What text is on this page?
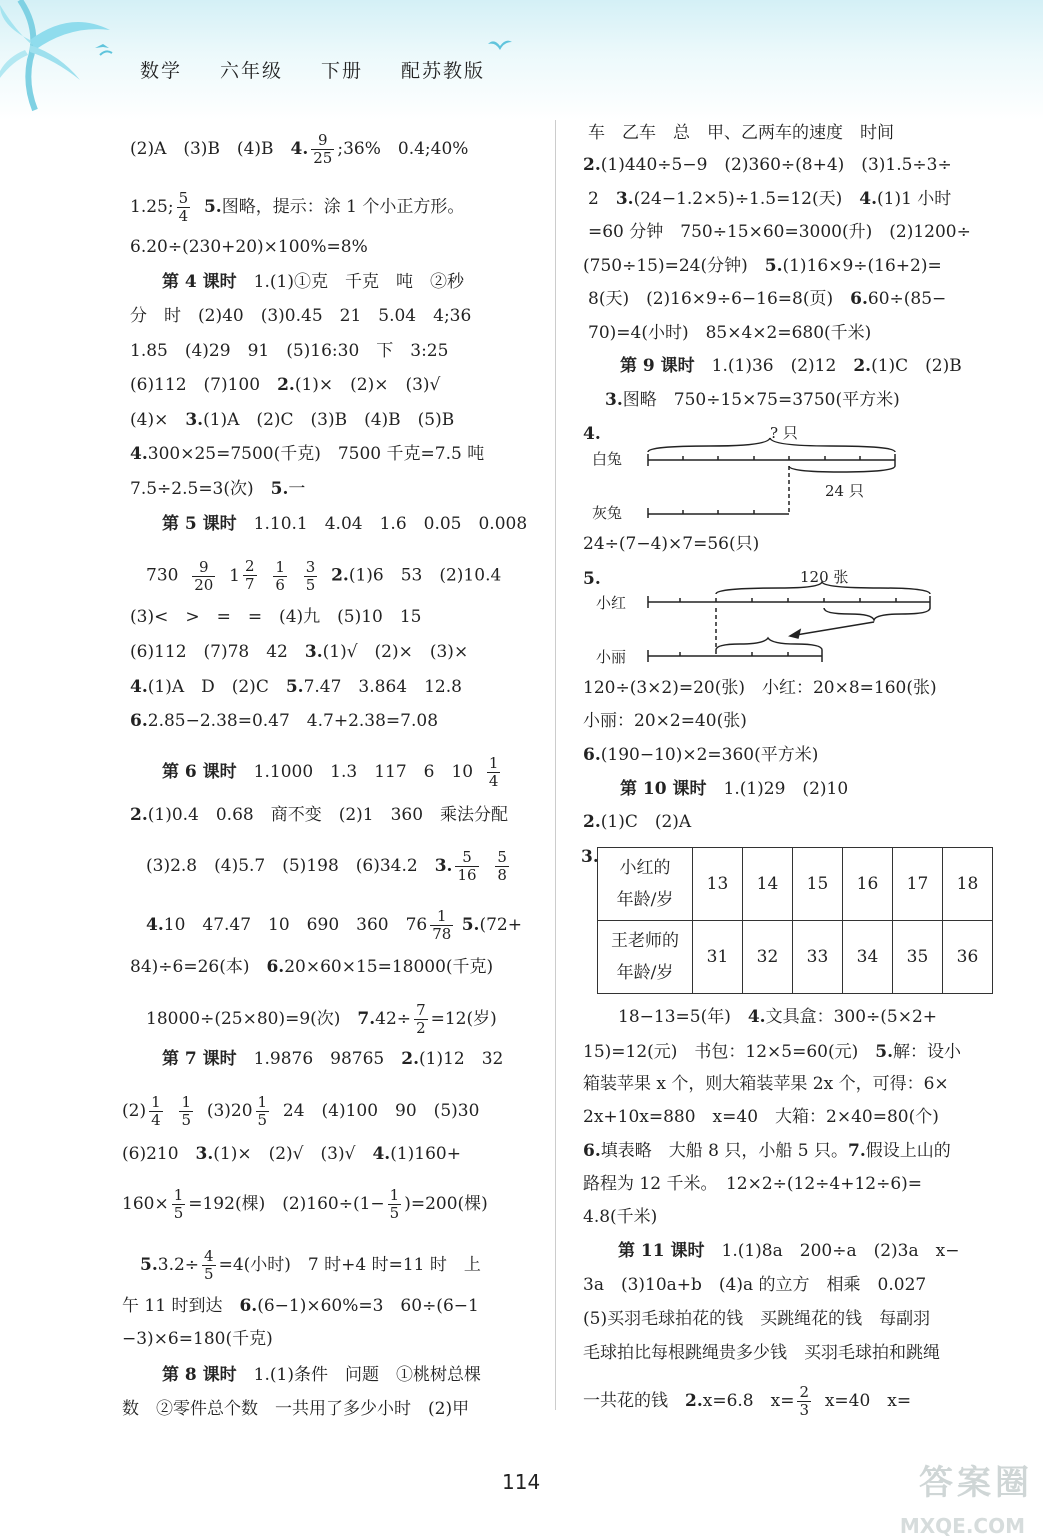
数学 六年级 下册 配苏教版
(2)A　(3)B　(4)B　4. $\frac{9}{25}$ ;36%　0.4;40%
1.25; $\frac{5}{4} 5$.图略，提示：涂 1 个小正方形。
6.20÷(230+20)×100%=8%
第 4 课时　 1.(1)①克　千克　吨　②秒
分　时　(2)40　(3)0.45　21　5.04　4;36
1.85　(4)29　91　(5)16:30　下　3:25
(6)112　(7)100　2.(1)×　(2)×　(3)√
(4)×　3.(1)A　(2)C　(3)B　(4)B　(5)B
4.300×25=7500(千克)　7500 千克=7.5 吨
7.5÷2.5=3(次)　5.一
第 5 课时　 1.10.1　4.04　1.6　0.05　0.008
$730 \frac{9}{20}$
1 2
7
$\frac{1}{6}$
$\frac{3}{5} 2.(1)6$　53　(2)10.4
(3)<　>　=　=　(4)九　(5)10　15
(6)112　(7)78　42　3.(1)√　(2)×　(3)×
4.(1)A　D　(2)C　5.7.47　3.864　12.8
6.2.85−2.38=0.47　4.7+2.38=7.08
第 6 课时　 1.1000　1.3　117　6　$10 \frac{1}{4}$
2.(1)0.4　0.68　商不变　(2)1　360　乘法分配
(3)2.8　(4)5.7　(5)198　(6)34.2　3. $\frac{5}{16}$
$\frac{5}{8}$
4.10　47.47　10　690　360　$76 \frac{1}{78} 5.(72+$
84)÷6=26(本)　6.20×60×15=18000(千克)
18000÷(25×80)=9(次)　$7.42\div \frac{7}{2} =12$(岁)
第 7 课时　 1.9876　98765　2.(1)12　32
$(2) \frac{1}{4}$
$\frac{1}{5} (3)20 \frac{1}{5} 24$　(4)100　90　(5)30
(6)210　3.(1)×　(2)√　(3)√　4.(1)160+
$160\times \frac{1}{5} =192$(棵)　$(2)160\div(1- \frac{1}{5} )=200$(棵)
$5.3.2\div \frac{4}{5} =4$(小时)　7 时+4 时=11 时　上
午 11 时到达　6.(6−1)×60%=3　60÷(6−1
−3)×6=180(千克)
第 8 课时　 1.(1)条件　问题　①桃树总棵
数　②零件总个数　一共用了多少小时　(2)甲
车　乙车　总　甲、乙两车的速度　时间
2.(1)440÷5−9　(2)360÷(8+4)　(3)1.5÷3÷
2　3.(24−1.2×5)÷1.5=12(天)　4.(1)1 小时
=60 分钟　750÷15×60=3000(升)　(2)1200÷
(750÷15)=24(分钟)　5.(1)16×9÷(16+2)=
8(天)　(2)16×9÷6−16=8(页)　6.60÷(85−
70)=4(小时)　85×4×2=680(千米)
第 9 课时　 1.(1)36　(2)12　2.(1)C　(2)B
3.图略　750÷15×75=3750(平方米)
4.	? 只
白兔
灰兔
24 只
24÷(7−4)×7=56(只)
5.	120 张
小红
小丽
120÷(3×2)=20(张)　小红：20×8=160(张)
小丽：20×2=40(张)
6.(190−10)×2=360(平方米)
第 10 课时　 1.(1)29　(2)10
2.(1)C　(2)A
3.
小红的
年龄/岁	13	14	15	16	17	18
王老师的
年龄/岁	31	32	33	34	35	36
18−13=5(年)　4.文具盒：300÷(5×2+
15)=12(元)　书包：12×5=60(元)　5.解：设小
箱装苹果 x 个，则大箱装苹果 2x 个，可得：6×
2x+10x=880　x=40　大箱：2×40=80(个)
6.填表略　大船 8 只，小船 5 只。7.假设上山的
路程为 12 千米。　12×2÷(12÷4+12÷6)=
4.8(千米)
第 11 课时　 1.(1)8a　200÷a　(2)3a　x−
3a　(3)10a+b　(4)a 的立方　相乘　0.027
(5)买羽毛球拍花的钱　买跳绳花的钱　每副羽
毛球拍比每根跳绳贵多少钱　买羽毛球拍和跳绳
一共花的钱　2.x=6.8　$x= \frac{2}{3} x=40$　x=
114	答案圈
MXQE.COM
